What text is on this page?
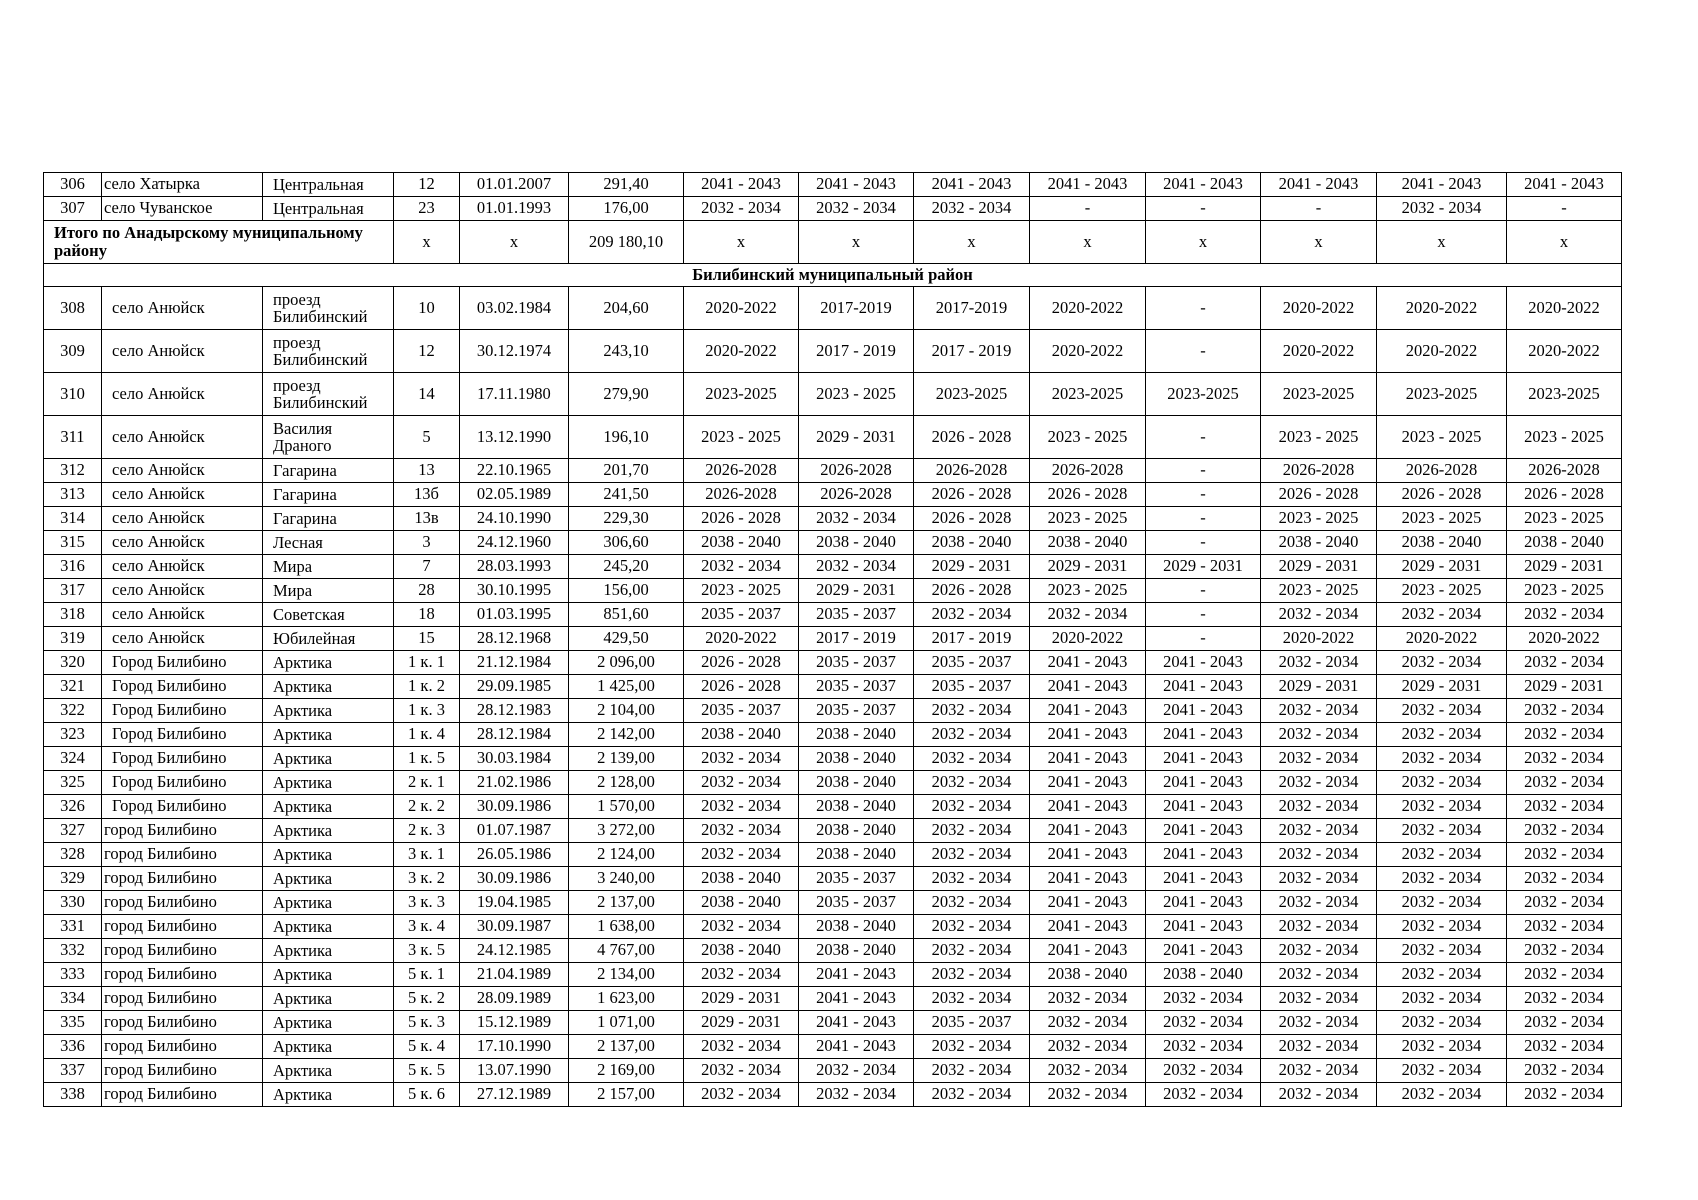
306	село Хатырка	Центральная	12	01.01.2007	291,40	2041 - 2043	2041 - 2043	2041 - 2043	2041 - 2043	2041 - 2043	2041 - 2043	2041 - 2043	2041 - 2043
307	село Чуванское	Центральная	23	01.01.1993	176,00	2032 - 2034	2032 - 2034	2032 - 2034	-	-	-	2032 - 2034	-
Итого по Анадырскому муниципальному району			x	x	209 180,10	x	x	x	x	x	x	x	x
Билибинский муниципальный район													
308	село Анюйск	проезд Билибинский	10	03.02.1984	204,60	2020-2022	2017-2019	2017-2019	2020-2022	-	2020-2022	2020-2022	2020-2022
309	село Анюйск	проезд Билибинский	12	30.12.1974	243,10	2020-2022	2017 - 2019	2017 - 2019	2020-2022	-	2020-2022	2020-2022	2020-2022
310	село Анюйск	проезд Билибинский	14	17.11.1980	279,90	2023-2025	2023 - 2025	2023-2025	2023-2025	2023-2025	2023-2025	2023-2025	2023-2025
311	село Анюйск	Василия Драного	5	13.12.1990	196,10	2023 - 2025	2029 - 2031	2026 - 2028	2023 - 2025	-	2023 - 2025	2023 - 2025	2023 - 2025
312	село Анюйск	Гагарина	13	22.10.1965	201,70	2026-2028	2026-2028	2026-2028	2026-2028	-	2026-2028	2026-2028	2026-2028
313	село Анюйск	Гагарина	13б	02.05.1989	241,50	2026-2028	2026-2028	2026 - 2028	2026 - 2028	-	2026 - 2028	2026 - 2028	2026 - 2028
314	село Анюйск	Гагарина	13в	24.10.1990	229,30	2026 - 2028	2032 - 2034	2026 - 2028	2023 - 2025	-	2023 - 2025	2023 - 2025	2023 - 2025
315	село Анюйск	Лесная	3	24.12.1960	306,60	2038 - 2040	2038 - 2040	2038 - 2040	2038 - 2040	-	2038 - 2040	2038 - 2040	2038 - 2040
316	село Анюйск	Мира	7	28.03.1993	245,20	2032 - 2034	2032 - 2034	2029 - 2031	2029 - 2031	2029 - 2031	2029 - 2031	2029 - 2031	2029 - 2031
317	село Анюйск	Мира	28	30.10.1995	156,00	2023 - 2025	2029 - 2031	2026 - 2028	2023 - 2025	-	2023 - 2025	2023 - 2025	2023 - 2025
318	село Анюйск	Советская	18	01.03.1995	851,60	2035 - 2037	2035 - 2037	2032 - 2034	2032 - 2034	-	2032 - 2034	2032 - 2034	2032 - 2034
319	село Анюйск	Юбилейная	15	28.12.1968	429,50	2020-2022	2017 - 2019	2017 - 2019	2020-2022	-	2020-2022	2020-2022	2020-2022
320	Город Билибино	Арктика	1 к. 1	21.12.1984	2 096,00	2026 - 2028	2035 - 2037	2035 - 2037	2041 - 2043	2041 - 2043	2032 - 2034	2032 - 2034	2032 - 2034
321	Город Билибино	Арктика	1 к. 2	29.09.1985	1 425,00	2026 - 2028	2035 - 2037	2035 - 2037	2041 - 2043	2041 - 2043	2029 - 2031	2029 - 2031	2029 - 2031
322	Город Билибино	Арктика	1 к. 3	28.12.1983	2 104,00	2035 - 2037	2035 - 2037	2032 - 2034	2041 - 2043	2041 - 2043	2032 - 2034	2032 - 2034	2032 - 2034
323	Город Билибино	Арктика	1 к. 4	28.12.1984	2 142,00	2038 - 2040	2038 - 2040	2032 - 2034	2041 - 2043	2041 - 2043	2032 - 2034	2032 - 2034	2032 - 2034
324	Город Билибино	Арктика	1 к. 5	30.03.1984	2 139,00	2032 - 2034	2038 - 2040	2032 - 2034	2041 - 2043	2041 - 2043	2032 - 2034	2032 - 2034	2032 - 2034
325	Город Билибино	Арктика	2 к. 1	21.02.1986	2 128,00	2032 - 2034	2038 - 2040	2032 - 2034	2041 - 2043	2041 - 2043	2032 - 2034	2032 - 2034	2032 - 2034
326	Город Билибино	Арктика	2 к. 2	30.09.1986	1 570,00	2032 - 2034	2038 - 2040	2032 - 2034	2041 - 2043	2041 - 2043	2032 - 2034	2032 - 2034	2032 - 2034
327	город Билибино	Арктика	2 к. 3	01.07.1987	3 272,00	2032 - 2034	2038 - 2040	2032 - 2034	2041 - 2043	2041 - 2043	2032 - 2034	2032 - 2034	2032 - 2034
328	город Билибино	Арктика	3 к. 1	26.05.1986	2 124,00	2032 - 2034	2038 - 2040	2032 - 2034	2041 - 2043	2041 - 2043	2032 - 2034	2032 - 2034	2032 - 2034
329	город Билибино	Арктика	3 к. 2	30.09.1986	3 240,00	2038 - 2040	2035 - 2037	2032 - 2034	2041 - 2043	2041 - 2043	2032 - 2034	2032 - 2034	2032 - 2034
330	город Билибино	Арктика	3 к. 3	19.04.1985	2 137,00	2038 - 2040	2035 - 2037	2032 - 2034	2041 - 2043	2041 - 2043	2032 - 2034	2032 - 2034	2032 - 2034
331	город Билибино	Арктика	3 к. 4	30.09.1987	1 638,00	2032 - 2034	2038 - 2040	2032 - 2034	2041 - 2043	2041 - 2043	2032 - 2034	2032 - 2034	2032 - 2034
332	город Билибино	Арктика	3 к. 5	24.12.1985	4 767,00	2038 - 2040	2038 - 2040	2032 - 2034	2041 - 2043	2041 - 2043	2032 - 2034	2032 - 2034	2032 - 2034
333	город Билибино	Арктика	5 к. 1	21.04.1989	2 134,00	2032 - 2034	2041 - 2043	2032 - 2034	2038 - 2040	2038 - 2040	2032 - 2034	2032 - 2034	2032 - 2034
334	город Билибино	Арктика	5 к. 2	28.09.1989	1 623,00	2029 - 2031	2041 - 2043	2032 - 2034	2032 - 2034	2032 - 2034	2032 - 2034	2032 - 2034	2032 - 2034
335	город Билибино	Арктика	5 к. 3	15.12.1989	1 071,00	2029 - 2031	2041 - 2043	2035 - 2037	2032 - 2034	2032 - 2034	2032 - 2034	2032 - 2034	2032 - 2034
336	город Билибино	Арктика	5 к. 4	17.10.1990	2 137,00	2032 - 2034	2041 - 2043	2032 - 2034	2032 - 2034	2032 - 2034	2032 - 2034	2032 - 2034	2032 - 2034
337	город Билибино	Арктика	5 к. 5	13.07.1990	2 169,00	2032 - 2034	2032 - 2034	2032 - 2034	2032 - 2034	2032 - 2034	2032 - 2034	2032 - 2034	2032 - 2034
338	город Билибино	Арктика	5 к. 6	27.12.1989	2 157,00	2032 - 2034	2032 - 2034	2032 - 2034	2032 - 2034	2032 - 2034	2032 - 2034	2032 - 2034	2032 - 2034
